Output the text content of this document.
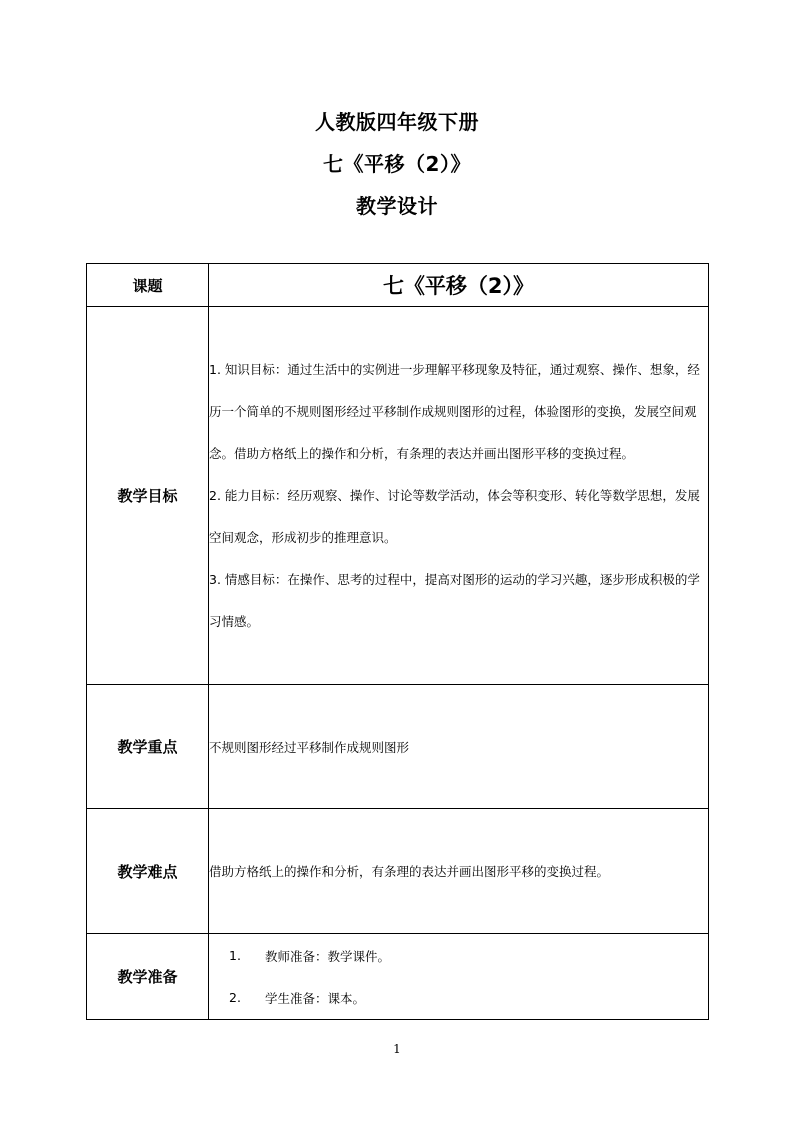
人教版四年级下册
七《平移（2）》
教学设计
课题	七《平移（2）》
教学目标	1. 知识目标：通过生活中的实例进一步理解平移现象及特征，通过观察、操作、想象，经历一个简单的不规则图形经过平移制作成规则图形的过程，体验图形的变换，发展空间观念。借助方格纸上的操作和分析，有条理的表达并画出图形平移的变换过程。

2. 能力目标：经历观察、操作、讨论等数学活动，体会等积变形、转化等数学思想，发展空间观念，形成初步的推理意识。

3. 情感目标：在操作、思考的过程中，提高对图形的运动的学习兴趣，逐步形成积极的学习情感。

教学重点	不规则图形经过平移制作成规则图形
教学难点	借助方格纸上的操作和分析，有条理的表达并画出图形平移的变换过程。
教学准备	1. 教师准备：教学课件。
2. 学生准备：课本。
1
